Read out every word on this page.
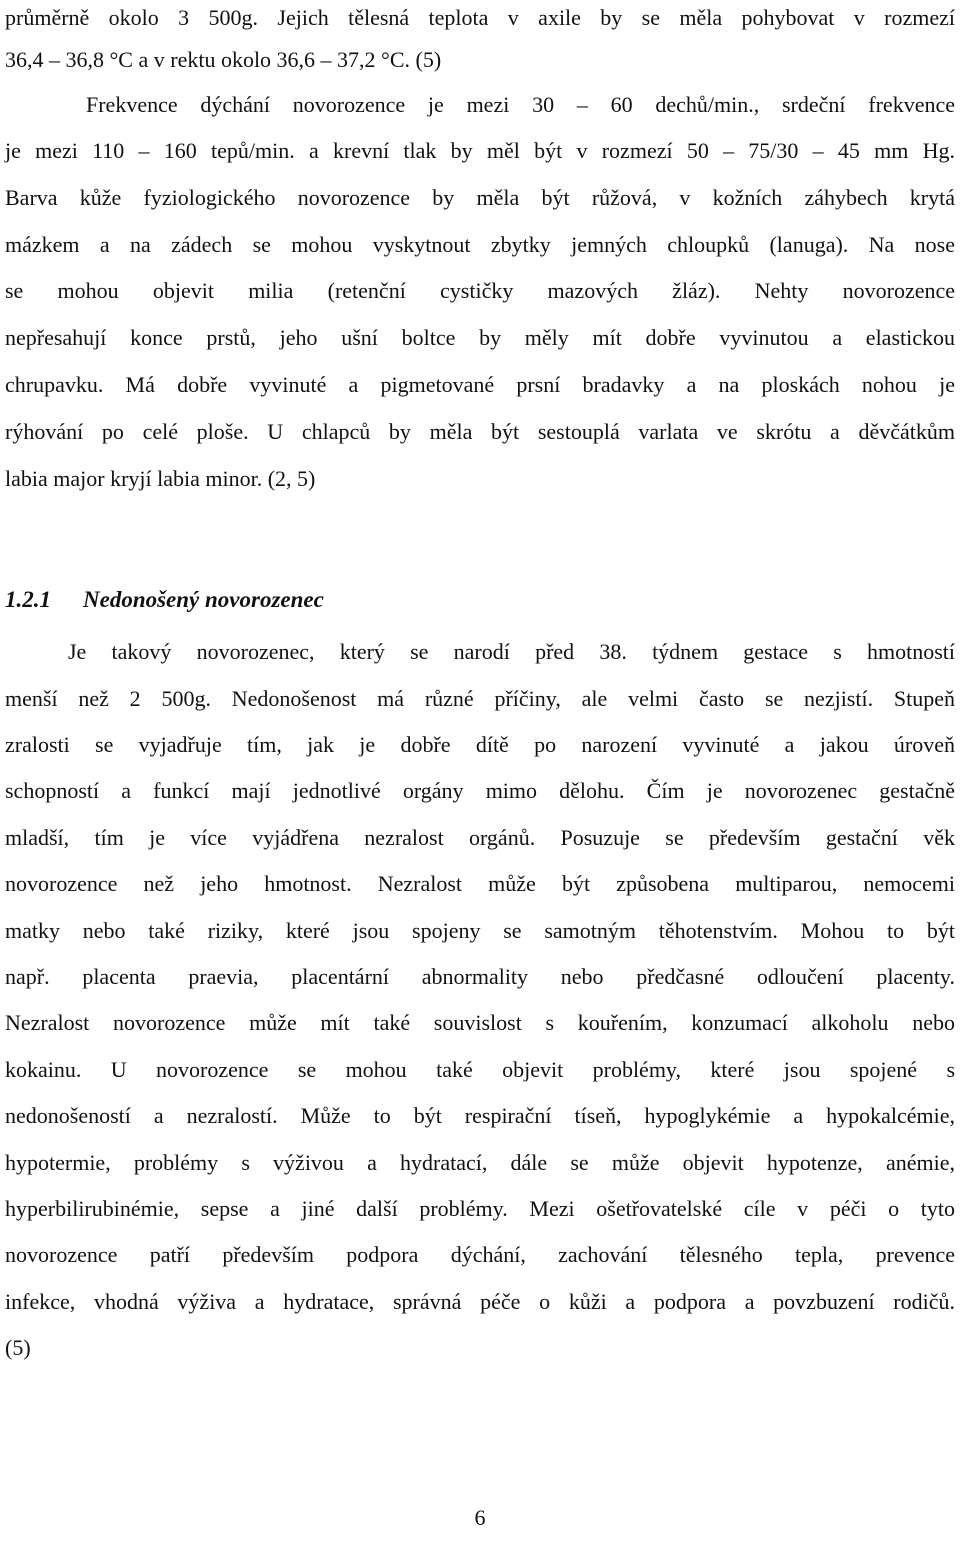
průměrně okolo 3 500g. Jejich tělesná teplota v axile by se měla pohybovat v rozmezí
36,4 – 36,8 °C a v rektu okolo 36,6 – 37,2 °C. (5)
Frekvence dýchání novorozence je mezi 30 – 60 dechů/min., srdeční frekvence
je mezi 110 – 160 tepů/min. a krevní tlak by měl být v rozmezí 50 – 75/30 – 45 mm Hg.
Barva kůže fyziologického novorozence by měla být růžová, v kožních záhybech krytá
mázkem a na zádech se mohou vyskytnout zbytky jemných chloupků (lanuga). Na nose
se mohou objevit milia (retenční cystičky mazových žláz). Nehty novorozence
nepřesahují konce prstů, jeho ušní boltce by měly mít dobře vyvinutou a elastickou
chrupavku. Má dobře vyvinuté a pigmetované prsní bradavky a na ploskách nohou je
rýhování po celé ploše. U chlapců by měla být sestouplá varlata ve skrótu a děvčátkům
labia major kryjí labia minor. (2, 5)
1.2.1 Nedonošený novorozenec
Je takový novorozenec, který se narodí před 38. týdnem gestace s hmotností
menší než 2 500g. Nedonošenost má různé příčiny, ale velmi často se nezjistí. Stupeň
zralosti se vyjadřuje tím, jak je dobře dítě po narození vyvinuté a jakou úroveň
schopností a funkcí mají jednotlivé orgány mimo dělohu. Čím je novorozenec gestačně
mladší, tím je více vyjádřena nezralost orgánů. Posuzuje se především gestační věk
novorozence než jeho hmotnost. Nezralost může být způsobena multiparou, nemocemi
matky nebo také riziky, které jsou spojeny se samotným těhotenstvím. Mohou to být
např. placenta praevia, placentární abnormality nebo předčasné odloučení placenty.
Nezralost novorozence může mít také souvislost s kouřením, konzumací alkoholu nebo
kokainu. U novorozence se mohou také objevit problémy, které jsou spojené s
nedonošeností a nezralostí. Může to být respirační tíseň, hypoglykémie a hypokalcémie,
hypotermie, problémy s výživou a hydratací, dále se může objevit hypotenze, anémie,
hyperbilirubinémie, sepse a jiné další problémy. Mezi ošetřovatelské cíle v péči o tyto
novorozence patří především podpora dýchání, zachování tělesného tepla, prevence
infekce, vhodná výživa a hydratace, správná péče o kůži a podpora a povzbuzení rodičů.
(5)
6
